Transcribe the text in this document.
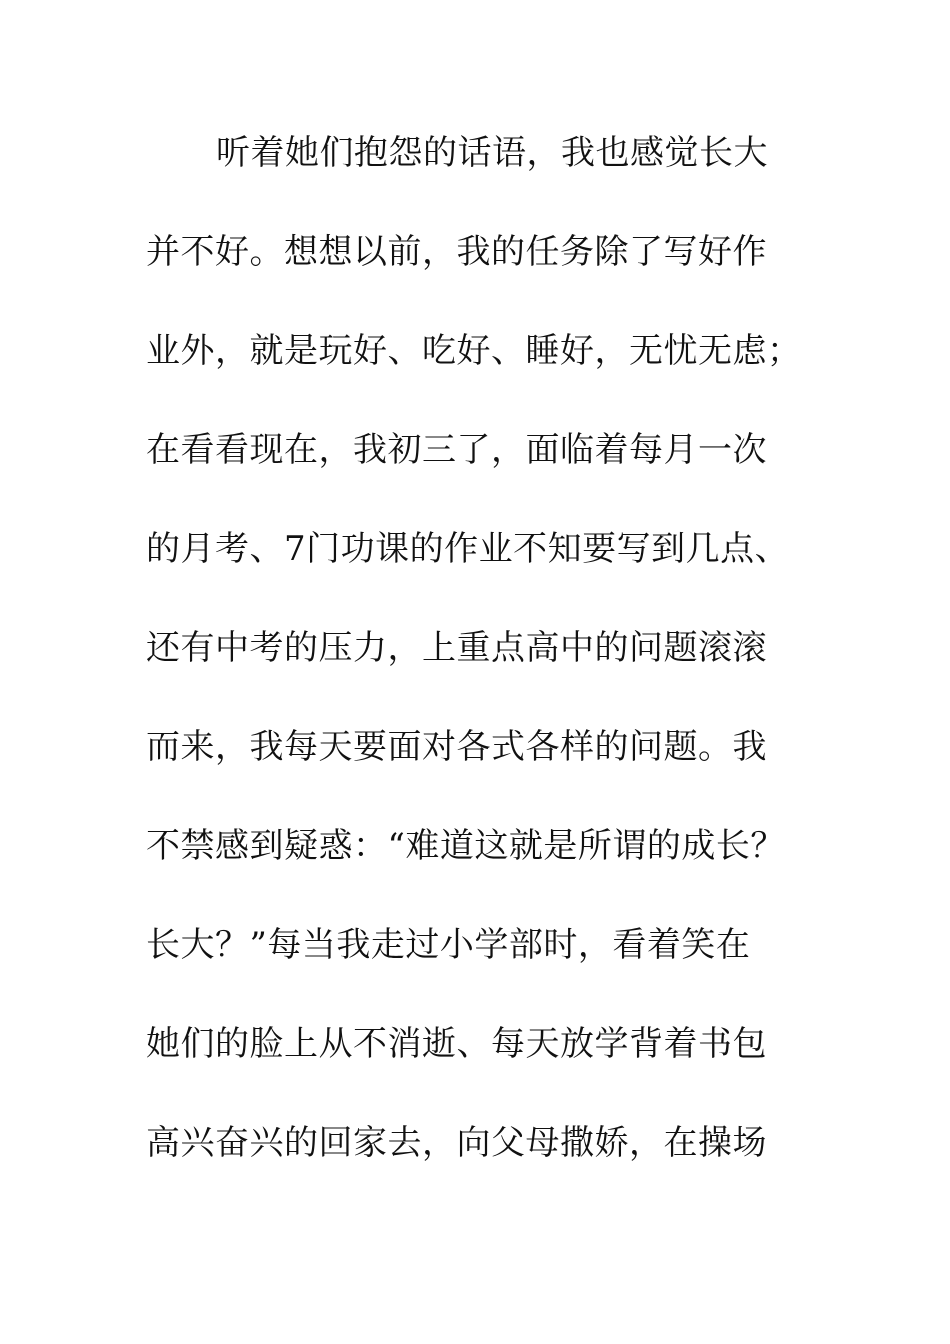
听着她们抱怨的话语，我也感觉长大
并不好。想想以前，我的任务除了写好作
业外，就是玩好、吃好、睡好，无忧无虑；
在看看现在，我初三了，面临着每月一次
的月考、7门功课的作业不知要写到几点、
还有中考的压力，上重点高中的问题滚滚
而来，我每天要面对各式各样的问题。我
不禁感到疑惑：“难道这就是所谓的成长？
长大？”每当我走过小学部时，看着笑在
她们的脸上从不消逝、每天放学背着书包
高兴奋兴的回家去，向父母撒娇，在操场
